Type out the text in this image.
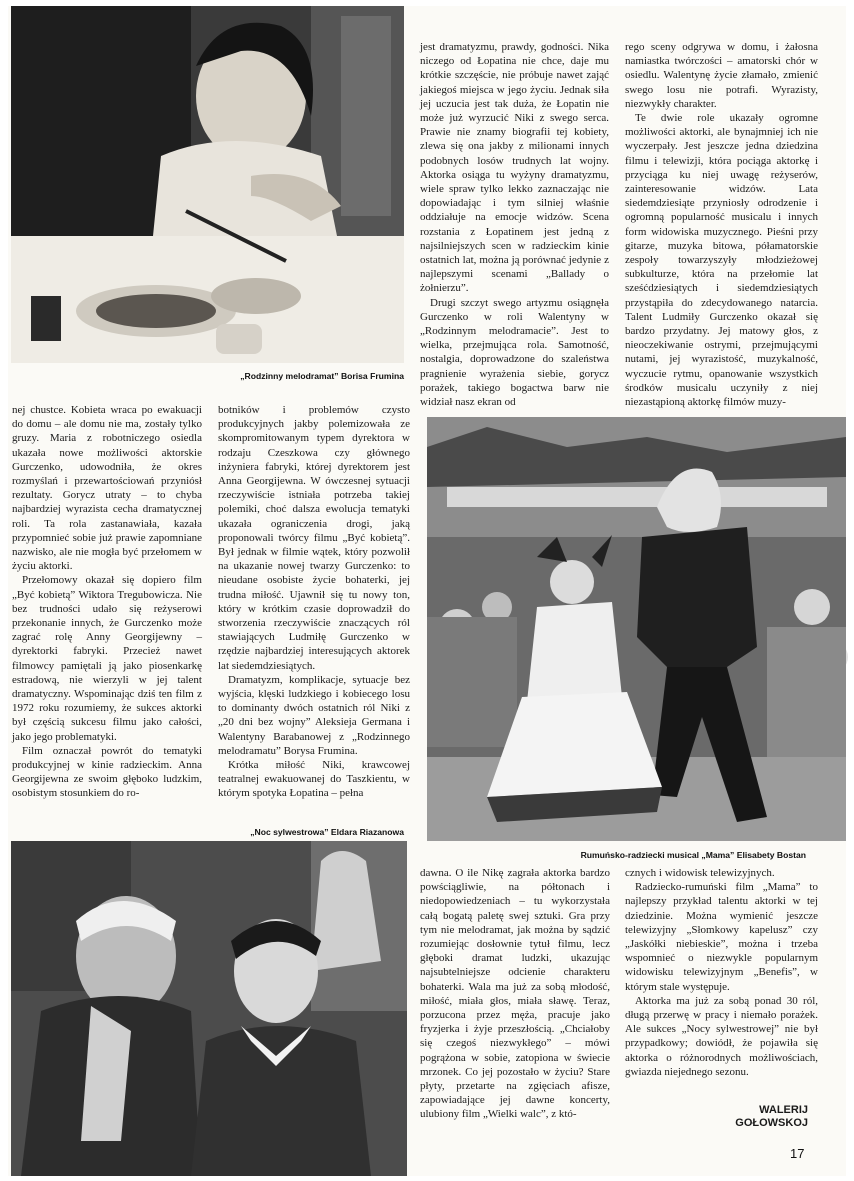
„Rodzinny melodramat” Borisa Frumina

jest dramatyzmu, prawdy, godności. Nika niczego od Łopatina nie chce, daje mu krótkie szczęście, nie próbuje nawet zająć jakiegoś miejsca w jego życiu. Jednak siła jej uczucia jest tak duża, że Łopatin nie może już wyrzucić Niki z swego serca. Prawie nie znamy biografii tej kobiety, zlewa się ona jakby z milionami innych podobnych losów trudnych lat wojny. Aktorka osiąga tu wyżyny dramatyzmu, wiele spraw tylko lekko zaznaczając nie dopowiadając i tym silniej właśnie oddziałuje na emocje widzów. Scena rozstania z Łopatinem jest jedną z najsilniejszych scen w radzieckim kinie ostatnich lat, można ją porównać jedynie z najlepszymi scenami „Ballady o żołnierzu”.

Drugi szczyt swego artyzmu osiągnęła Gurczenko w roli Walentyny w „Rodzinnym melodramacie”. Jest to wielka, przejmująca rola. Samotność, nostalgia, doprowadzone do szaleństwa pragnienie wyrażenia siebie, gorycz porażek, takiego bogactwa barw nie widział nasz ekran od

rego sceny odgrywa w domu, i żałosna namiastka twórczości – amatorski chór w osiedlu. Walentynę życie złamało, zmienić swego losu nie potrafi. Wyrazisty, niezwykły charakter.

Te dwie role ukazały ogromne możliwości aktorki, ale bynajmniej ich nie wyczerpały. Jest jeszcze jedna dziedzina filmu i telewizji, która pociąga aktorkę i przyciąga ku niej uwagę reżyserów, zainteresowanie widzów. Lata siedemdziesiąte przyniosły odrodzenie i ogromną popularność musicalu i innych form widowiska muzycznego. Pieśni przy gitarze, muzyka bitowa, półamatorskie zespoły towarzyszyły młodzieżowej subkulturze, która na przełomie lat sześćdziesiątych i siedemdziesiątych przystąpiła do zdecydowanego natarcia. Talent Ludmiły Gurczenko okazał się bardzo przydatny. Jej matowy głos, z nieoczekiwanie ostrymi, przejmującymi nutami, jej wyrazistość, muzykalność, wyczucie rytmu, opanowanie wszystkich środków musicalu uczyniły z niej niezastąpioną aktorkę filmów muzy-

nej chustce. Kobieta wraca po ewakuacji do domu – ale domu nie ma, zostały tylko gruzy. Maria z robotniczego osiedla ukazała nowe możliwości aktorskie Gurczenko, udowodniła, że okres rozmyślań i przewartościowań przyniósł rezultaty. Gorycz utraty – to chyba najbardziej wyrazista cecha dramatycznej roli. Ta rola zastanawiała, kazała przypomnieć sobie już prawie zapomniane nazwisko, ale nie mogła być przełomem w życiu aktorki.

Przełomowy okazał się dopiero film „Być kobietą” Wiktora Tregubowicza. Nie bez trudności udało się reżyserowi przekonanie innych, że Gurczenko może zagrać rolę Anny Georgijewny – dyrektorki fabryki. Przecież nawet filmowcy pamiętali ją jako piosenkarkę estradową, nie wierzyli w jej talent dramatyczny. Wspominając dziś ten film z 1972 roku rozumiemy, że sukces aktorki był częścią sukcesu filmu jako całości, jako jego problematyki.

Film oznaczał powrót do tematyki produkcyjnej w kinie radzieckim. Anna Georgijewna ze swoim głęboko ludzkim, osobistym stosunkiem do ro-

botników i problemów czysto produkcyjnych jakby polemizowała ze skompromitowanym typem dyrektora w rodzaju Czeszkowa czy głównego inżyniera fabryki, której dyrektorem jest Anna Georgijewna. W ówczesnej sytuacji rzeczywiście istniała potrzeba takiej polemiki, choć dalsza ewolucja tematyki ukazała ograniczenia drogi, jaką proponowali twórcy filmu „Być kobietą”. Był jednak w filmie wątek, który pozwolił na ukazanie nowej twarzy Gurczenko: to nieudane osobiste życie bohaterki, jej trudna miłość. Ujawnił się tu nowy ton, który w krótkim czasie doprowadził do stworzenia rzeczywiście znaczących ról stawiających Ludmiłę Gurczenko w rzędzie najbardziej interesujących aktorek lat siedemdziesiątych.

Dramatyzm, komplikacje, sytuacje bez wyjścia, klęski ludzkiego i kobiecego losu to dominanty dwóch ostatnich ról Niki z „20 dni bez wojny” Aleksieja Germana i Walentyny Barabanowej z „Rodzinnego melodramatu” Borysa Frumina.

Krótka miłość Niki, krawcowej teatralnej ewakuowanej do Taszkientu, w którym spotyka Łopatina – pełna

Rumuńsko-radziecki musical „Mama” Elisabety Bostan
„Noc sylwestrowa” Eldara Riazanowa

dawna. O ile Nikę zagrała aktorka bardzo powściągliwie, na półtonach i niedopowiedzeniach – tu wykorzystała całą bogatą paletę swej sztuki. Gra przy tym nie melodramat, jak można by sądzić rozumiejąc dosłownie tytuł filmu, lecz głęboki dramat ludzki, ukazując najsubtelniejsze odcienie charakteru bohaterki. Wala ma już za sobą młodość, miłość, miała głos, miała sławę. Teraz, porzucona przez męża, pracuje jako fryzjerka i żyje przeszłością. „Chciałoby się czegoś niezwykłego” – mówi pogrążona w sobie, zatopiona w świecie mrzonek. Co jej pozostało w życiu? Stare płyty, przetarte na zgięciach afisze, zapowiadające jej dawne koncerty, ulubiony film „Wielki walc”, z któ-

cznych i widowisk telewizyjnych.

Radziecko-rumuński film „Mama” to najlepszy przykład talentu aktorki w tej dziedzinie. Można wymienić jeszcze telewizyjny „Słomkowy kapelusz” czy „Jaskółki niebieskie”, można i trzeba wspomnieć o niezwykle popularnym widowisku telewizyjnym „Benefis”, w którym stale występuje.

Aktorka ma już za sobą ponad 30 ról, długą przerwę w pracy i niemało porażek. Ale sukces „Nocy sylwestrowej” nie był przypadkowy; dowiódł, że pojawiła się aktorka o różnorodnych możliwościach, gwiazda niejednego sezonu.

WALERIJ
GOŁOWSKOJ
17
